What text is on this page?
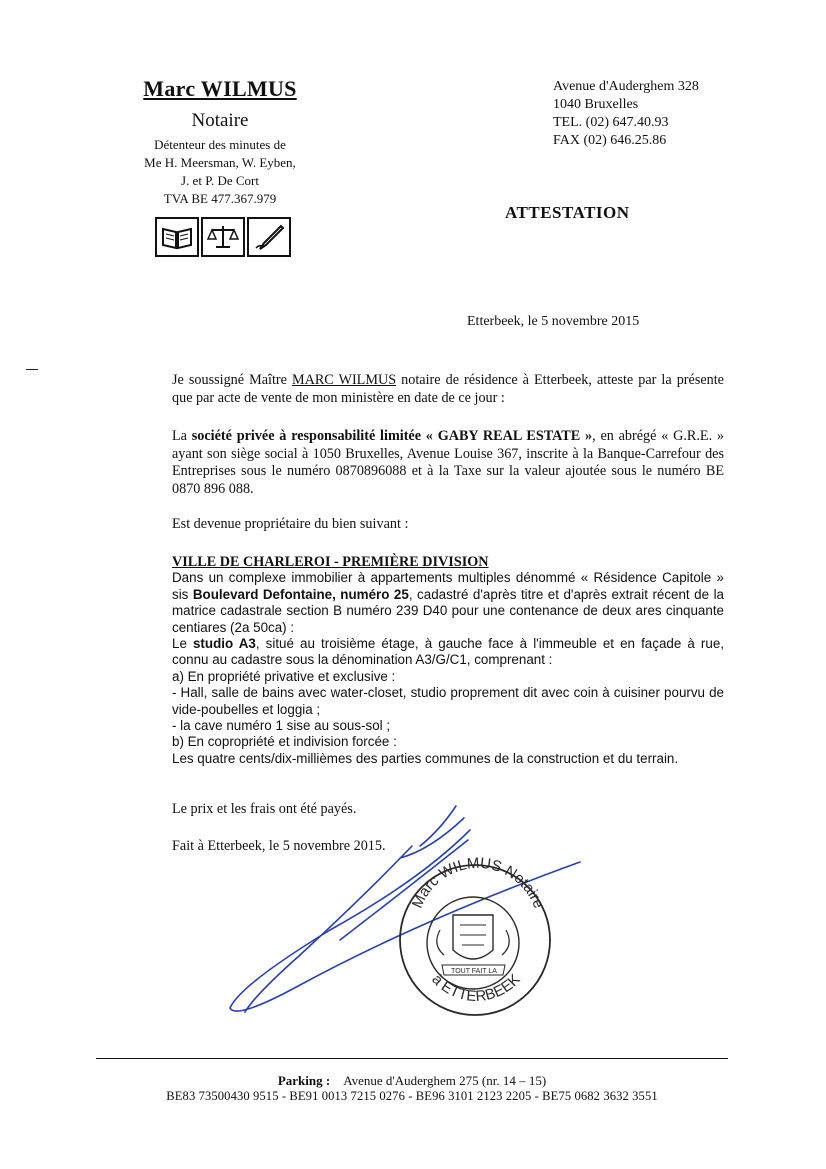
Marc WILMUS
Notaire
Détenteur des minutes de
Me H. Meersman, W. Eyben,
J. et P. De Cort
TVA BE 477.367.979
Avenue d'Auderghem 328
1040 Bruxelles
TEL. (02) 647.40.93
FAX (02) 646.25.86
ATTESTATION
Etterbeek, le 5 novembre 2015
Je soussigné Maître MARC WILMUS notaire de résidence à Etterbeek, atteste par la présente que par acte de vente de mon ministère en date de ce jour :
La société privée à responsabilité limitée « GABY REAL ESTATE », en abrégé « G.R.E. » ayant son siège social à 1050 Bruxelles, Avenue Louise 367, inscrite à la Banque-Carrefour des Entreprises sous le numéro 0870896088 et à la Taxe sur la valeur ajoutée sous le numéro BE 0870 896 088.
Est devenue propriétaire du bien suivant :
VILLE DE CHARLEROI - PREMIÈRE DIVISION
Dans un complexe immobilier à appartements multiples dénommé « Résidence Capitole » sis Boulevard Defontaine, numéro 25, cadastré d'après titre et d'après extrait récent de la matrice cadastrale section B numéro 239 D40 pour une contenance de deux ares cinquante centiares (2a 50ca) :
Le studio A3, situé au troisième étage, à gauche face à l'immeuble et en façade à rue, connu au cadastre sous la dénomination A3/G/C1, comprenant :
a) En propriété privative et exclusive :
- Hall, salle de bains avec water-closet, studio proprement dit avec coin à cuisiner pourvu de vide-poubelles et loggia ;
- la cave numéro 1 sise au sous-sol ;
b) En copropriété et indivision forcée :
Les quatre cents/dix-millièmes des parties communes de la construction et du terrain.
Le prix et les frais ont été payés.
Fait à Etterbeek, le 5 novembre 2015.
Marc WILMUS Notaire
à ETTERBEEK
TOUT FAIT LA
Parking : Avenue d'Auderghem 275 (nr. 14 – 15)
BE83 73500430 9515 - BE91 0013 7215 0276 - BE96 3101 2123 2205 - BE75 0682 3632 3551
